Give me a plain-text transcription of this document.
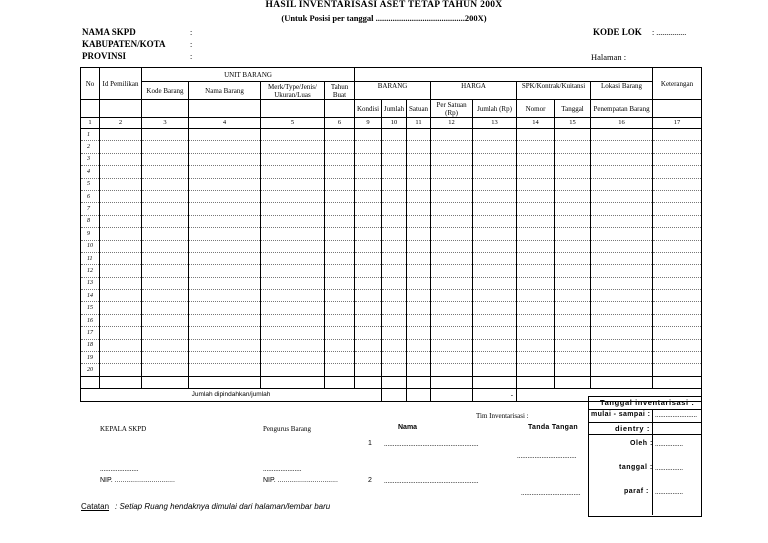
HASIL INVENTARISASI ASET TETAP TAHUN 200X
(Untuk Posisi per tanggal ..........................................200X)
NAMA SKPD
KABUPATEN/KOTA
PROVINSI
:
:
:
KODE LOK : ...............
Halaman :
No	Id Pemilikan	UNIT BARANG												Keterangan
		Kode Barang	Nama Barang	Merk/Type/Jenis/ Ukuran/Luas	Tahun Buat	BARANG			HARGA		SPK/Kontrak/Kuitansi		Lokasi Barang	
						Kondisi	Jumlah	Satuan	Per Satuan (Rp)	Jumlah (Rp)	Nomor	Tanggal	Penempatan Barang	
1	2	3	4	5	6	9	10	11	12	13	14	15	16	17
1														
2														
3														
4														
5														
6														
7														
8														
9														
10														
11														
12														
13														
14														
15														
16														
17														
18														
19														
20														

Jumlah dipindahkan/jumlah										-				
Tanggal inventarisasi :
mulai - sampai : ........................
dientry :
Oleh : ................
tanggal : ................
paraf : ................
Tim Inventarisasi :
KEPALA SKPD	Pengurus Barang	Nama	Tanda Tangan
1 ......................................................
..................................
2 ......................................................
..................................
......................
NIP. ...............................
......................
NIP. ...............................
Catatan : Setiap Ruang hendaknya dimulai dari halaman/lembar baru
